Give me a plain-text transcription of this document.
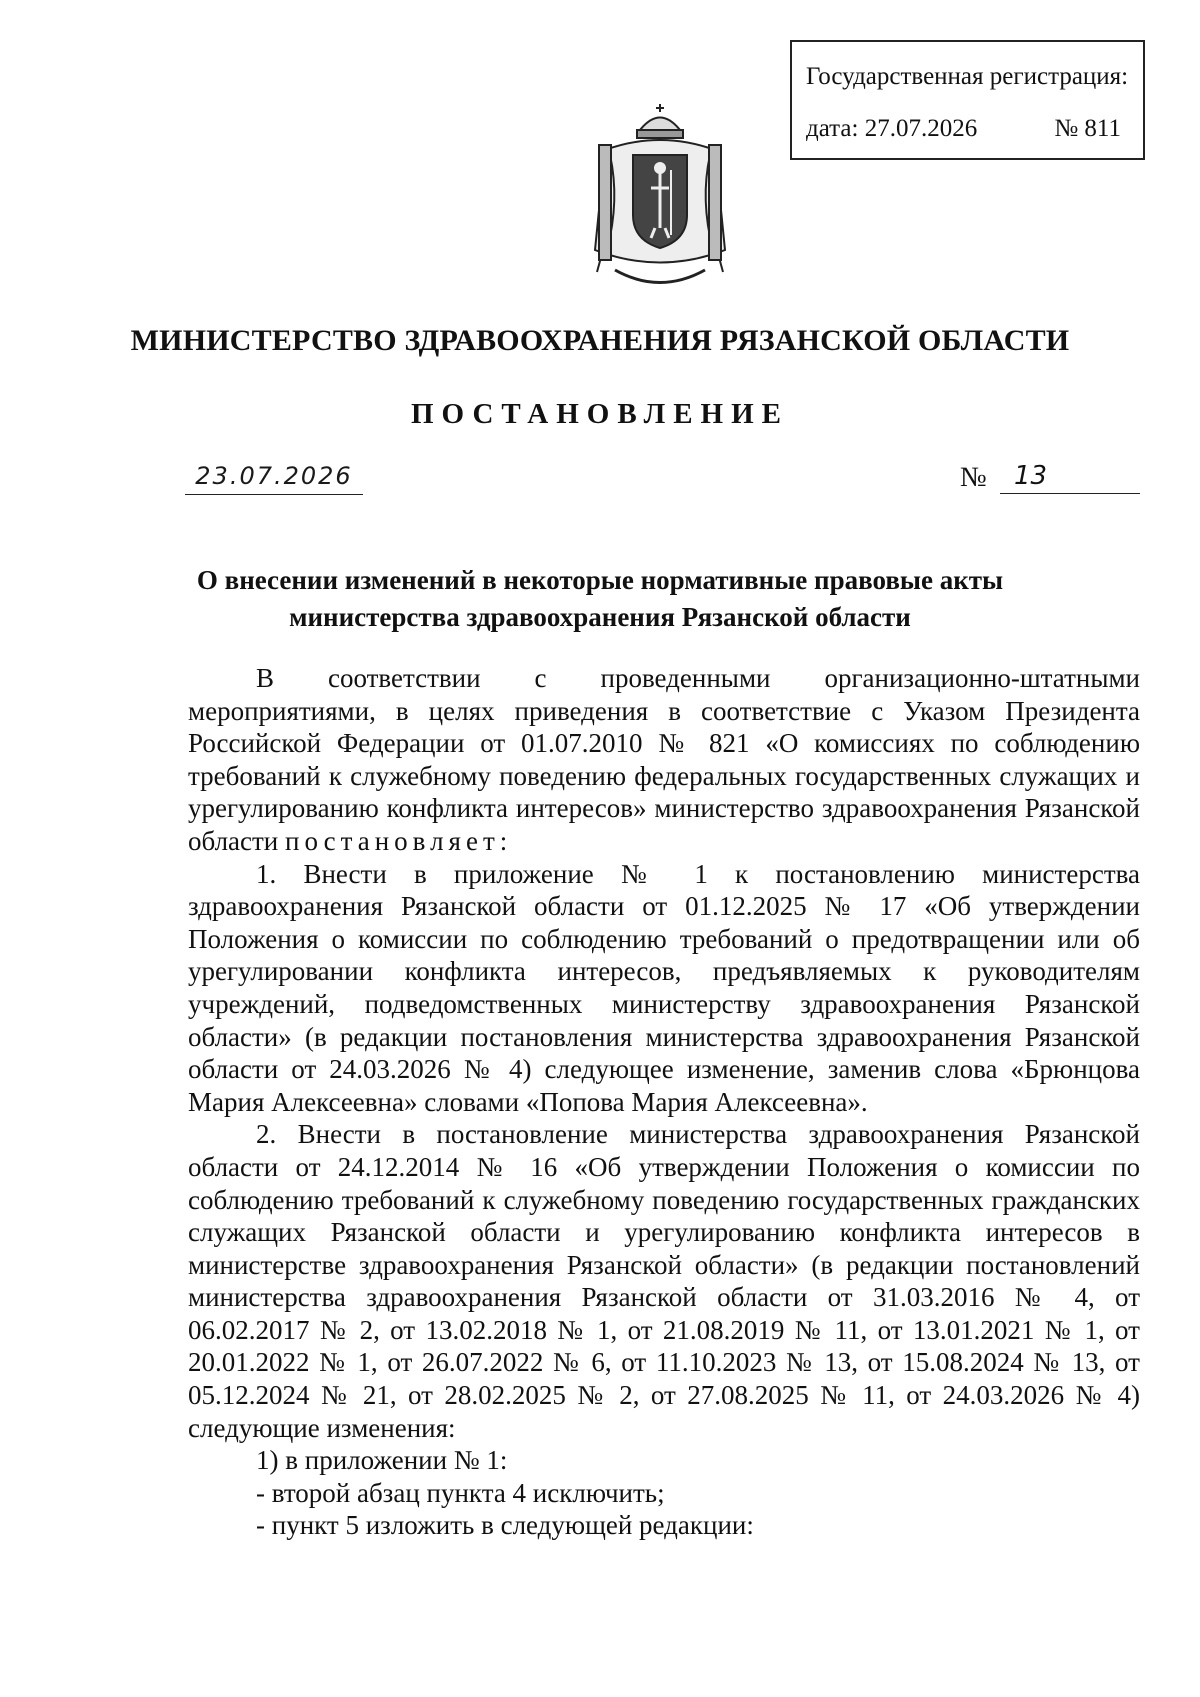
Государственная регистрация:
дата: 27.07.2026	№ 811
МИНИСТЕРСТВО ЗДРАВООХРАНЕНИЯ РЯЗАНСКОЙ ОБЛАСТИ
ПОСТАНОВЛЕНИЕ
23.07.2026	№	13
О внесении изменений в некоторые нормативные правовые акты
министерства здравоохранения Рязанской области

В соответствии с проведенными организационно-штатными мероприятиями, в целях приведения в соответствие с Указом Президента Российской Федерации от 01.07.2010 № 821 «О комиссиях по соблюдению требований к служебному поведению федеральных государственных служащих и урегулированию конфликта интересов» министерство здравоохранения Рязанской области постановляет:

1. Внести в приложение № 1 к постановлению министерства здравоохранения Рязанской области от 01.12.2025 № 17 «Об утверждении Положения о комиссии по соблюдению требований о предотвращении или об урегулировании конфликта интересов, предъявляемых к руководителям учреждений, подведомственных министерству здравоохранения Рязанской области» (в редакции постановления министерства здравоохранения Рязанской области от 24.03.2026 № 4) следующее изменение, заменив слова «Брюнцова Мария Алексеевна» словами «Попова Мария Алексеевна».

2. Внести в постановление министерства здравоохранения Рязанской области от 24.12.2014 № 16 «Об утверждении Положения о комиссии по соблюдению требований к служебному поведению государственных гражданских служащих Рязанской области и урегулированию конфликта интересов в министерстве здравоохранения Рязанской области» (в редакции постановлений министерства здравоохранения Рязанской области от 31.03.2016 № 4, от 06.02.2017 № 2, от 13.02.2018 № 1, от 21.08.2019 № 11, от 13.01.2021 № 1, от 20.01.2022 № 1, от 26.07.2022 № 6, от 11.10.2023 № 13, от 15.08.2024 № 13, от 05.12.2024 № 21, от 28.02.2025 № 2, от 27.08.2025 № 11, от 24.03.2026 № 4) следующие изменения:

1) в приложении № 1:

- второй абзац пункта 4 исключить;

- пункт 5 изложить в следующей редакции:
